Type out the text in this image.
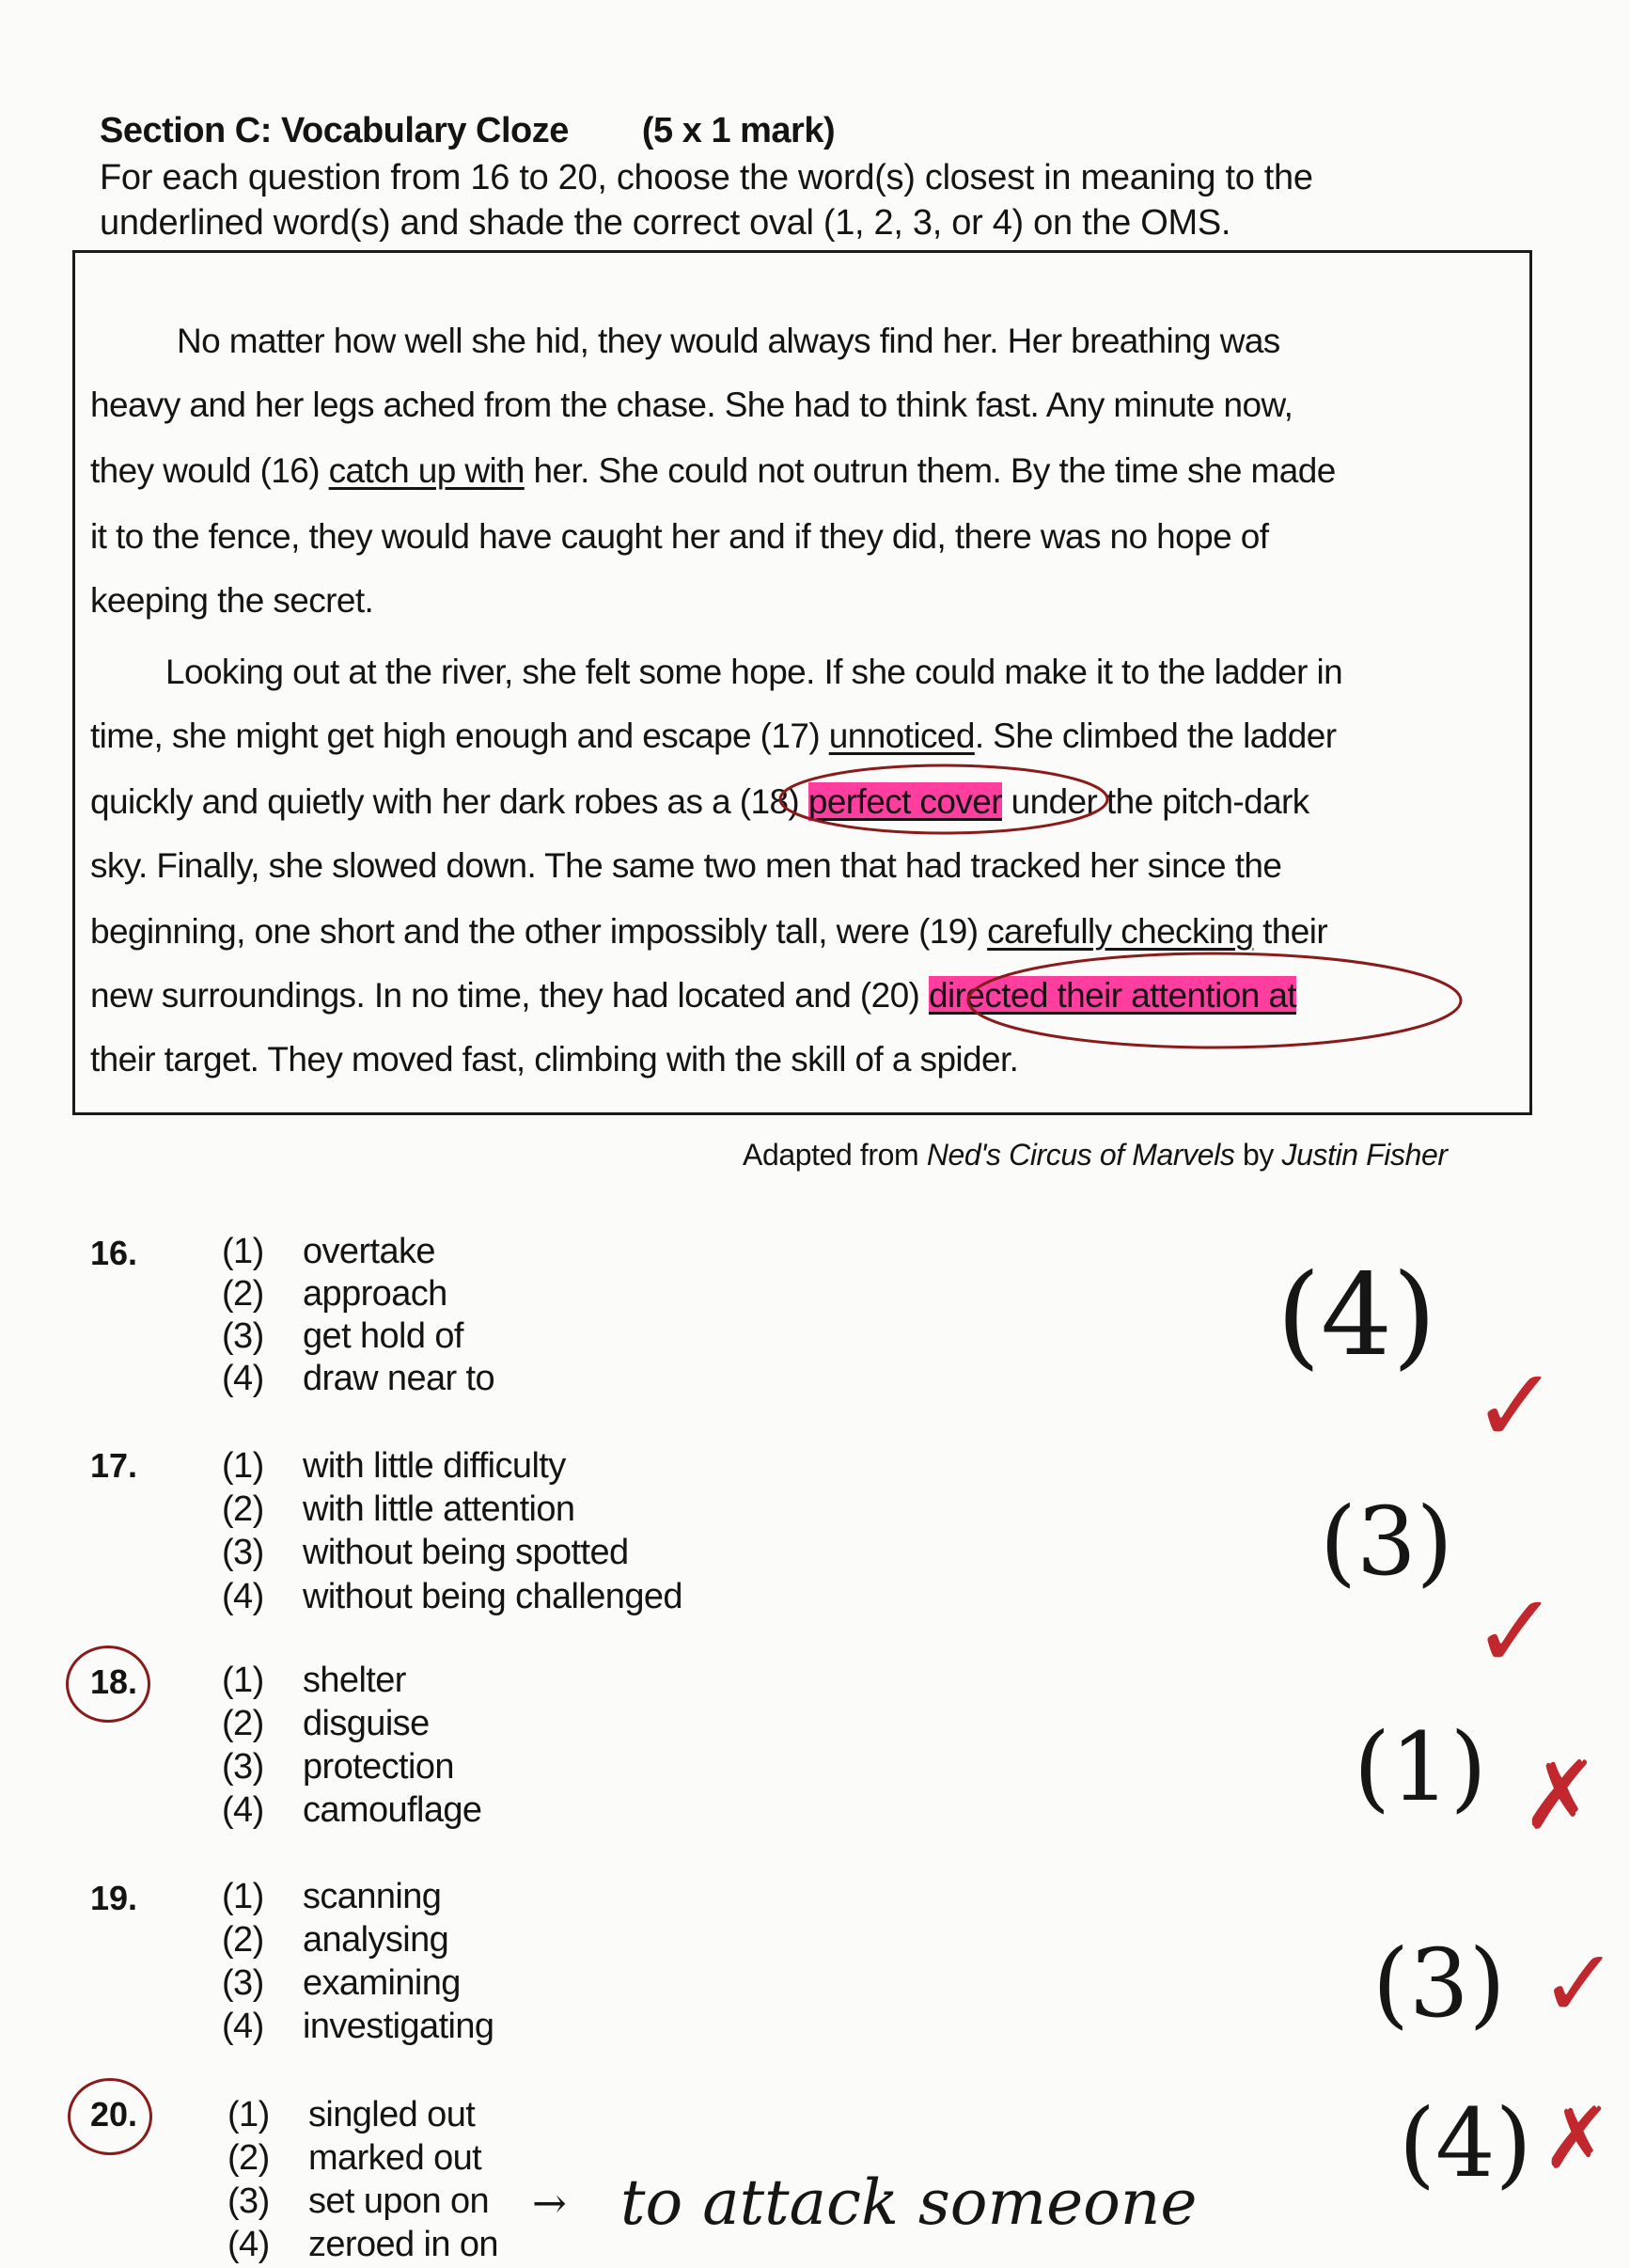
Section C: Vocabulary Cloze (5 x 1 mark)
For each question from 16 to 20, choose the word(s) closest in meaning to the
underlined word(s) and shade the correct oval (1, 2, 3, or 4) on the OMS.
No matter how well she hid, they would always find her. Her breathing was
heavy and her legs ached from the chase. She had to think fast. Any minute now,
they would (16) catch up with her. She could not outrun them. By the time she made
it to the fence, they would have caught her and if they did, there was no hope of
keeping the secret.
Looking out at the river, she felt some hope. If she could make it to the ladder in
time, she might get high enough and escape (17) unnoticed. She climbed the ladder
quickly and quietly with her dark robes as a (18) perfect cover under the pitch-dark
sky. Finally, she slowed down. The same two men that had tracked her since the
beginning, one short and the other impossibly tall, were (19) carefully checking their
new surroundings. In no time, they had located and (20) directed their attention at
their target. They moved fast, climbing with the skill of a spider.
Adapted from Ned's Circus of Marvels by Justin Fisher
16. (1) overtake
(2) approach
(3) get hold of
(4) draw near to
17. (1) with little difficulty
(2) with little attention
(3) without being spotted
(4) without being challenged
18. (1) shelter
(2) disguise
(3) protection
(4) camouflage
19. (1) scanning
(2) analysing
(3) examining
(4) investigating
20.	(1) singled out
(2) marked out
(3) set upon on
(4) zeroed in on
(4)
(3)
(1)
(3)
(4)
✓
✓
✗
✓
✗
→ to attack someone
